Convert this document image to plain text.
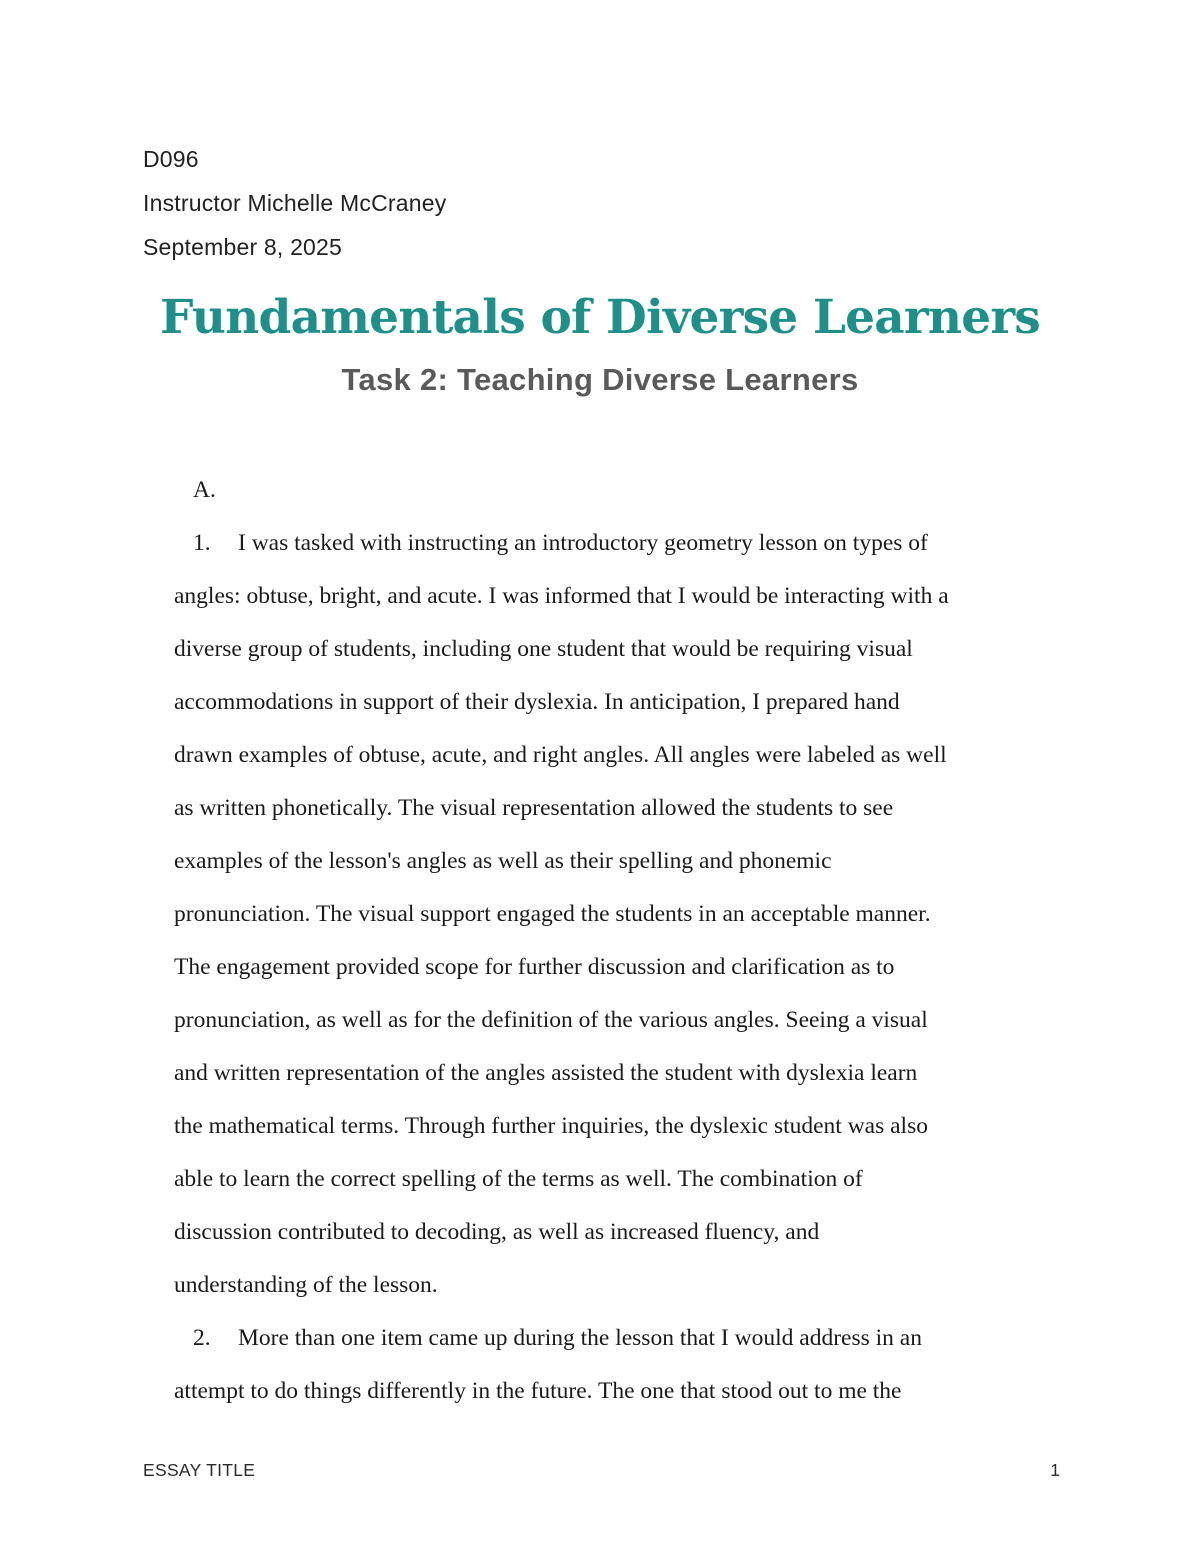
D096
Instructor Michelle McCraney
September 8, 2025
Fundamentals of Diverse Learners
Task 2: Teaching Diverse Learners
A.
1. I was tasked with instructing an introductory geometry lesson on types of
angles: obtuse, bright, and acute. I was informed that I would be interacting with a
diverse group of students, including one student that would be requiring visual
accommodations in support of their dyslexia. In anticipation, I prepared hand
drawn examples of obtuse, acute, and right angles. All angles were labeled as well
as written phonetically. The visual representation allowed the students to see
examples of the lesson's angles as well as their spelling and phonemic
pronunciation. The visual support engaged the students in an acceptable manner.
The engagement provided scope for further discussion and clarification as to
pronunciation, as well as for the definition of the various angles. Seeing a visual
and written representation of the angles assisted the student with dyslexia learn
the mathematical terms. Through further inquiries, the dyslexic student was also
able to learn the correct spelling of the terms as well. The combination of
discussion contributed to decoding, as well as increased fluency, and
understanding of the lesson.
2. More than one item came up during the lesson that I would address in an
attempt to do things differently in the future. The one that stood out to me the
ESSAY TITLE	1
